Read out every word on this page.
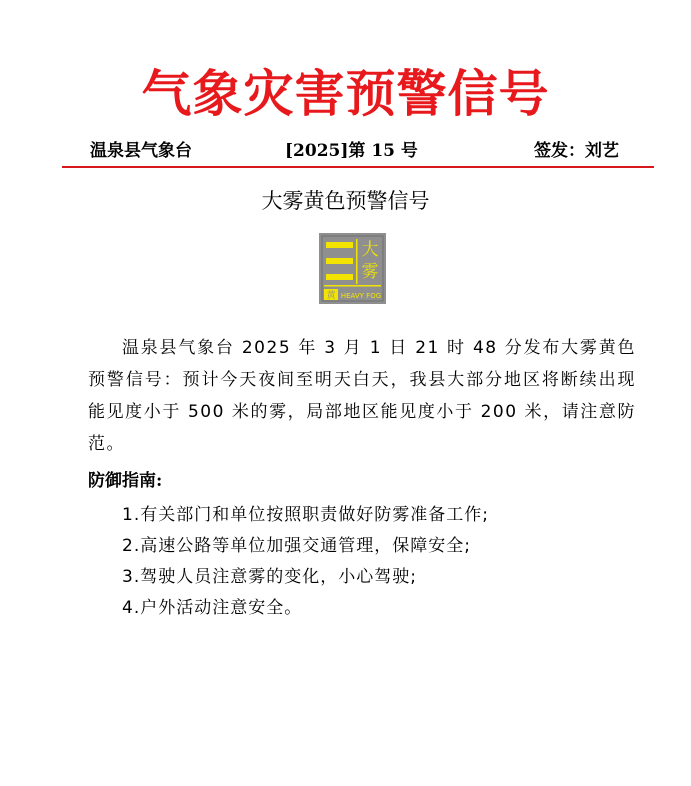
气象灾害预警信号
温泉县气象台	[2025]第 15 号	签发：刘艺
大雾黄色预警信号
大
雾
黄 HEAVY FOG

温泉县气象台 2025 年 3 月 1 日 21 时 48 分发布大雾黄色预警信号：预计今天夜间至明天白天，我县大部分地区将断续出现能见度小于 500 米的雾，局部地区能见度小于 200 米，请注意防范。

防御指南:
1.有关部门和单位按照职责做好防雾准备工作;
2.高速公路等单位加强交通管理，保障安全;
3.驾驶人员注意雾的变化，小心驾驶;
4.户外活动注意安全。
